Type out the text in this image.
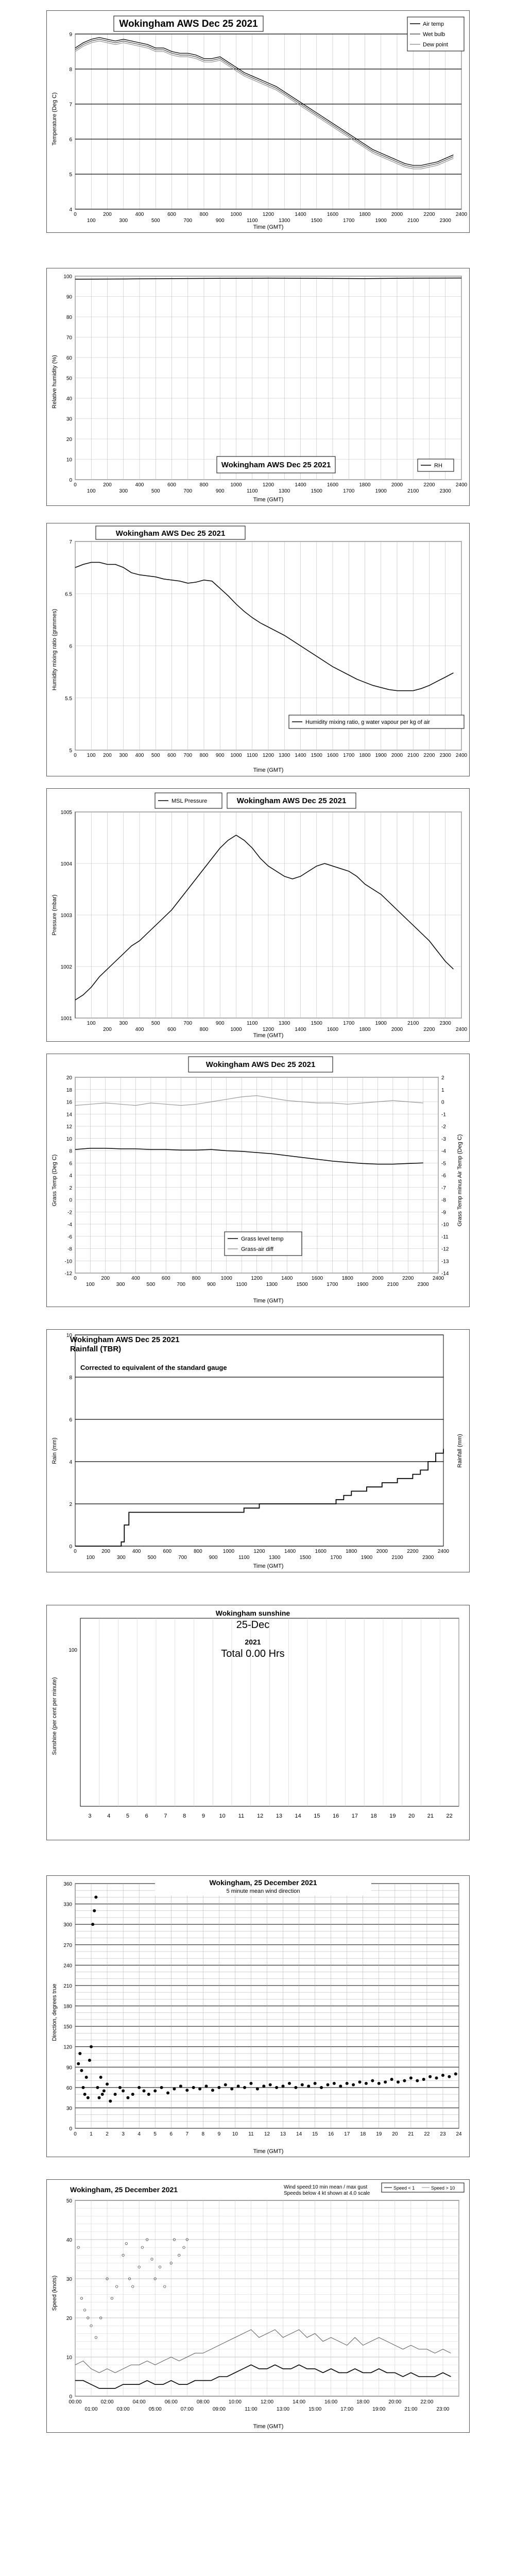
0
100
200
300
400
500
600
700
800
900
1000
1100
1200
1300
1400
1500
1600
1700
1800
1900
2000
2100
2200
2300
2400
4
5
6
7
8
9
Wokingham AWS Dec 25 2021	Air temp
Wet bulb
Dew point
Time (GMT)
Temperature (Deg C)
0
100
200
300
400
500
600
700
800
900
1000
1100
1200
1300
1400
1500
1600
1700
1800
1900
2000
2100
2200
2300
2400
0
10
20
30
40
50
60
70
80
90
100
Wokingham AWS Dec 25 2021	RH
Time (GMT)
Relative humidity (%)
0 100 200 300 400 500 600 700 800 900 1000 1100 1200 1300 1400 1500 1600 1700 1800 1900 2000 2100 2200 2300 2400
5
5.5
6
6.5
7
Wokingham AWS Dec 25 2021
Humidity mixing ratio, g water vapour per kg of air
Time (GMT)
Humidity mixing ratio (grammes)
100
200
300
400
500
600
700
800
900
1000
1100
1200
1300
1400
1500
1600
1700
1800
1900
2000
2100
2200
2300
2400
1001
1002
1003
1004
1005
MSL Pressure	Wokingham AWS Dec 25 2021
Time (GMT)
Pressure (mbar)
0
100
200
300
400
500
600
700
800
900
1000
1100
1200
1300
1400
1500
1600
1700
1800
1900
2000
2100
2200
2300
2400
-12
-10
-8
-6
-4
-2
0
2
4
6
8
10
12
14
16
18
20
-14
-13
-12
-11
-10
-9
-8
-7
-6
-5
-4
-3
-2
-1
0
1
2
Wokingham AWS Dec 25 2021
Grass level temp
Grass-air diff
Time (GMT)
Grass Temp (Deg C)	Grass Temp minus Air Temp (Deg C)
0
2
4
6
8
10
0
100
200
300
400
500
600
700
800
900
1000
1100
1200
1300
1400
1500
1600
1700
1800
1900
2000
2100
2200
2300
2400
Wokingham AWS Dec 25 2021
Rainfall (TBR)
Corrected to equivalent of the standard gauge
Time (GMT)
Rain (mm)	Rainfall (mm)
3	4	5	6	7	8	9	10 11 12 13 14 15 16 17 18 19 20 21 22
100
Wokingham sunshine
25-Dec
2021
Total 0.00 Hrs
Sunshine (per cent per minute)
0
30
60
90
120
150
180
210
240
270
300
330
360
0	1	2	3	4	5	6	7	8	9 10 11 12 13 14 15 16 17 18 19 20 21 22 23 24
Wokingham, 25 December 2021
5 minute mean wind direction
Time (GMT)
Direction, degrees true
0
10
20
30
40
50
00:00	02:00	04:00	06:00	08:00	10:00	12:00	14:00	16:00	18:00	20:00	22:00
01:00	03:00	05:00	07:00	09:00	11:00	13:00	15:00	17:00	19:00	21:00	23:00
Wokingham, 25 December 2021	Wind speed:10 min mean / max gust
Speeds below 4 kt shown at 4.0 scale
Speed < 1	Speed > 10
Time (GMT)
Speed (knots)
